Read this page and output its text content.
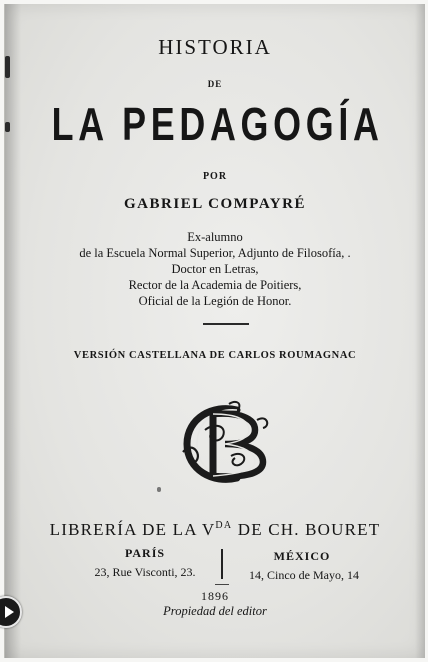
HISTORIA
DE
LA PEDAGOGÍA
POR
GABRIEL COMPAYRÉ
Ex-alumno
de la Escuela Normal Superior, Adjunto de Filosofía, .
Doctor en Letras,
Rector de la Academia de Poitiers,
Oficial de la Legión de Honor.
VERSIÓN CASTELLANA DE CARLOS ROUMAGNAC
LIBRERÍA DE LA $V^{DA}$ DE CH. BOURET
PARÍS
23, Rue Visconti, 23.
MÉXICO
14, Cinco de Mayo, 14
1896
Propiedad del editor
